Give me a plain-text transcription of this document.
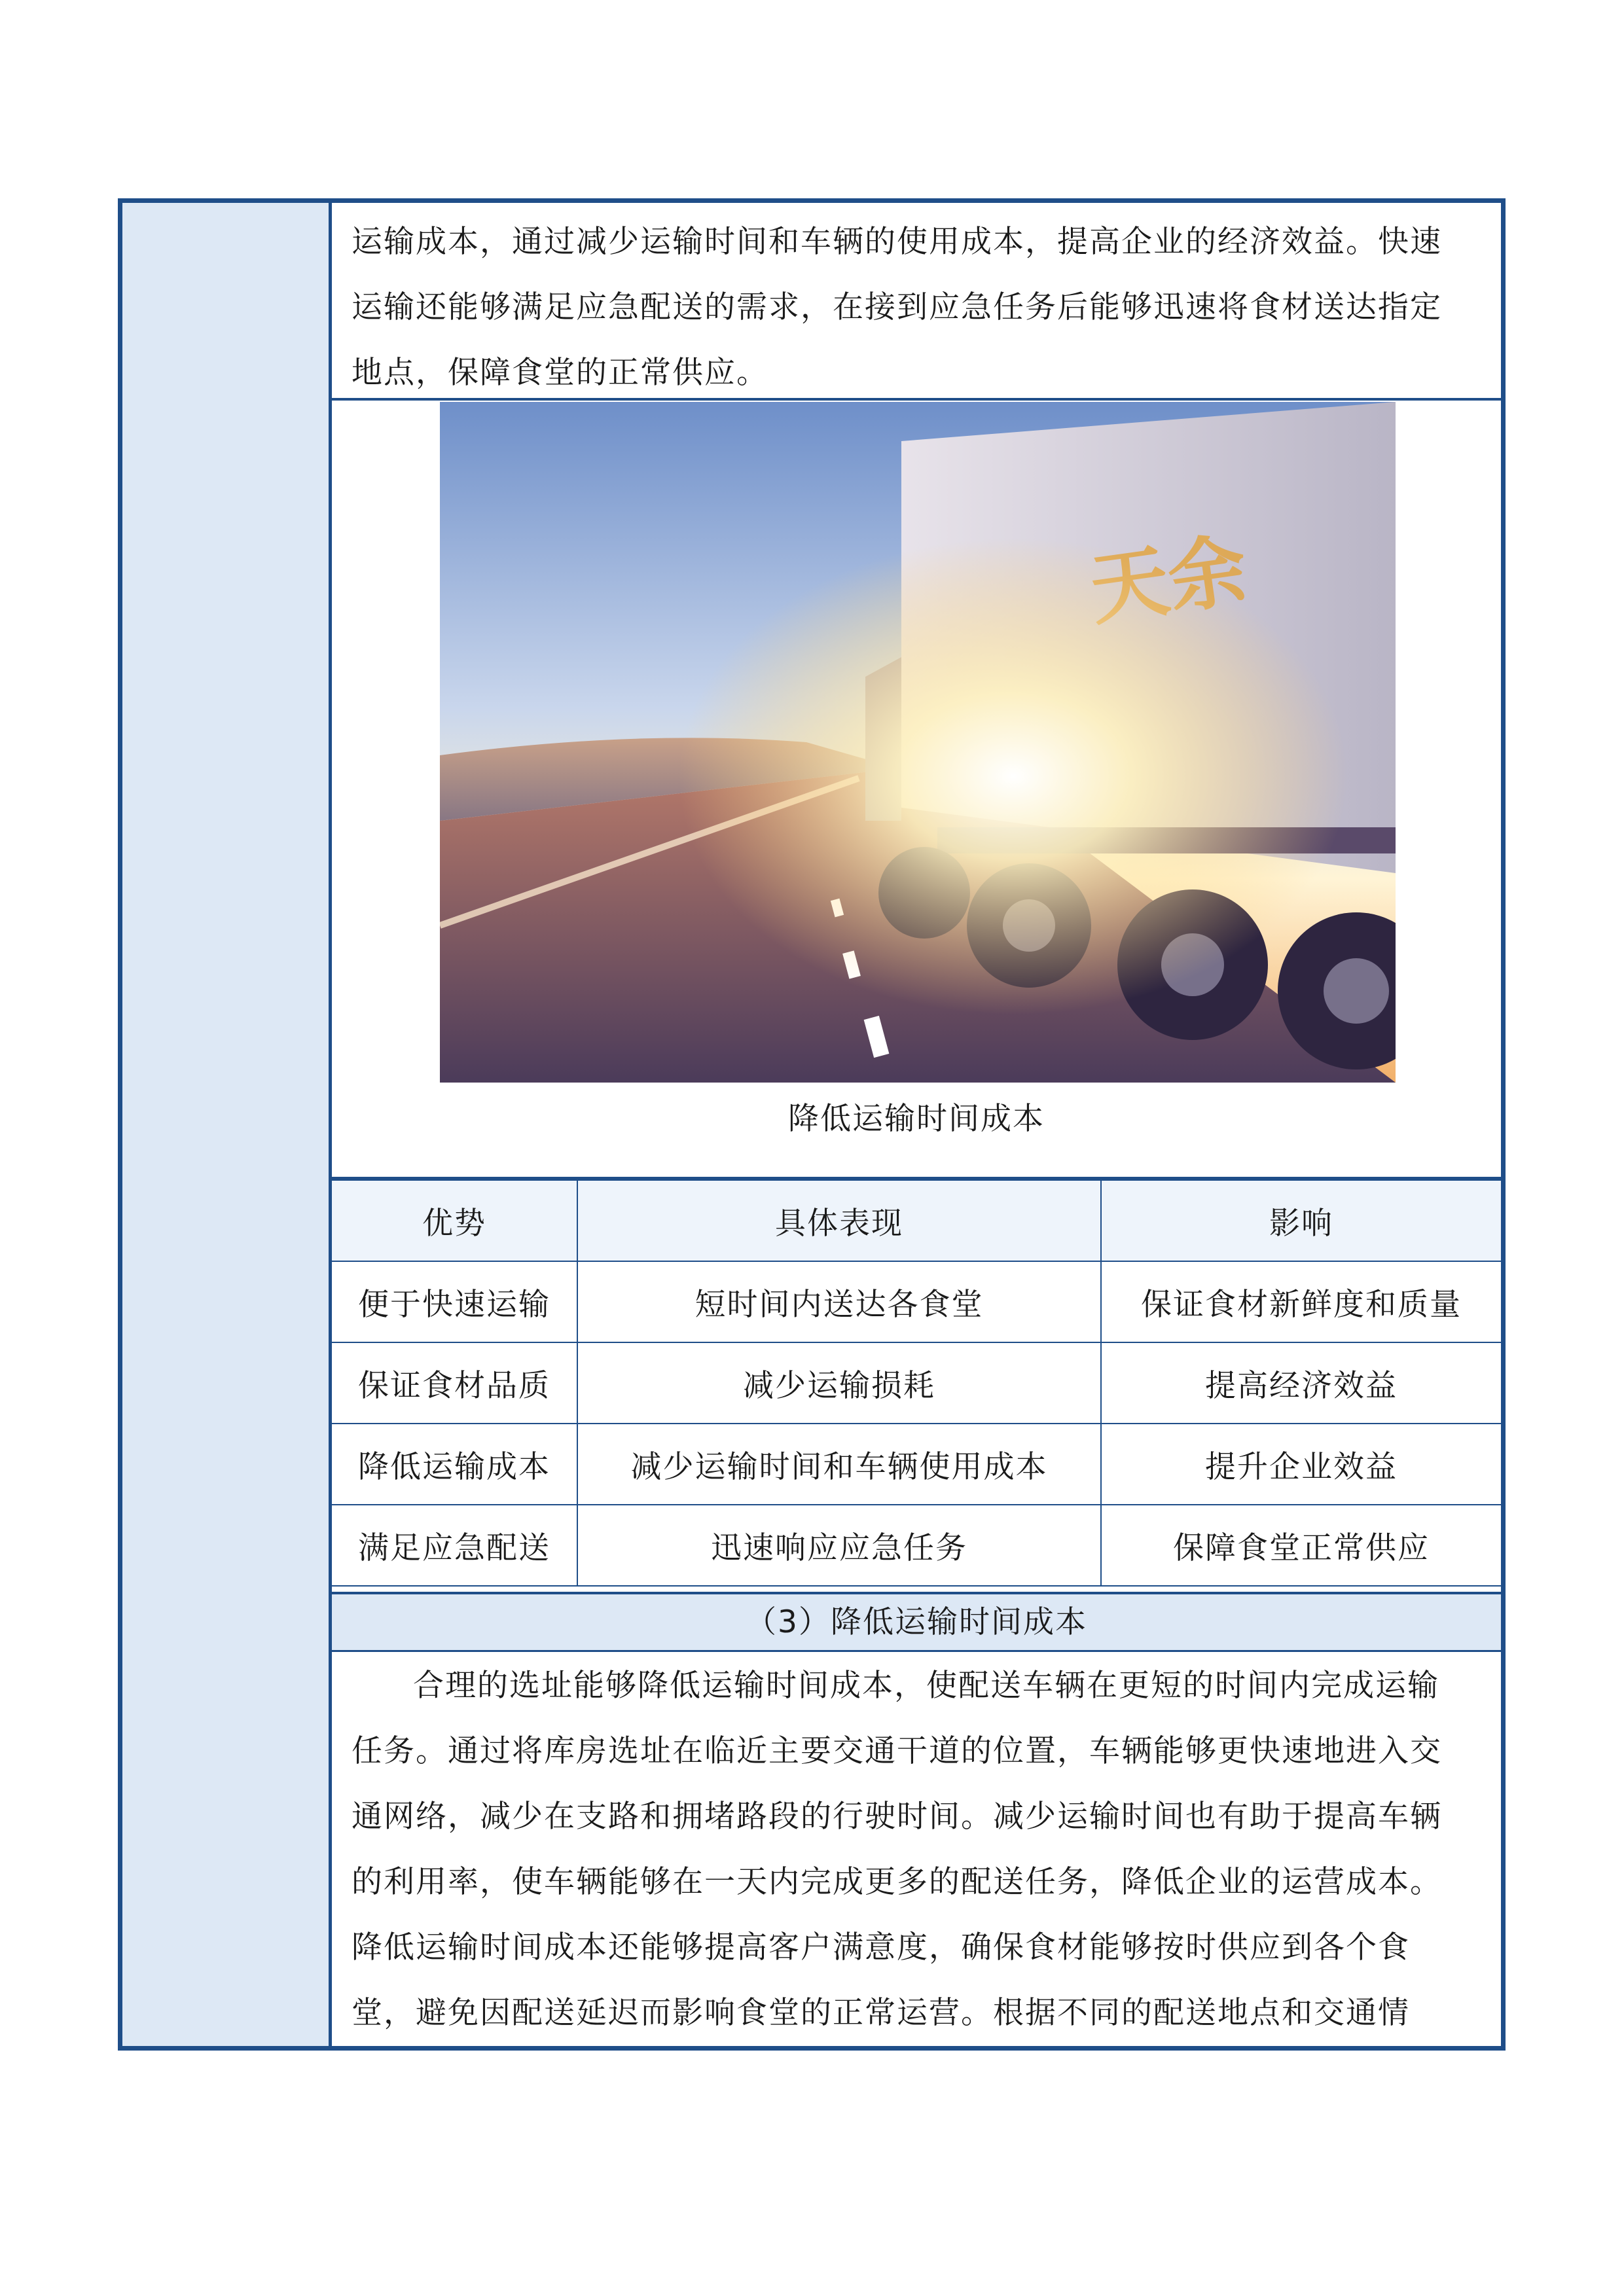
运输成本，通过减少运输时间和车辆的使用成本，提高企业的经济效益。快速
运输还能够满足应急配送的需求，在接到应急任务后能够迅速将食材送达指定
地点，保障食堂的正常供应。

降低运输时间成本
优势	具体表现	影响
便于快速运输	短时间内送达各食堂	保证食材新鲜度和质量
保证食材品质	减少运输损耗	提高经济效益
降低运输成本	减少运输时间和车辆使用成本	提升企业效益
满足应急配送	迅速响应应急任务	保障食堂正常供应
（3）降低运输时间成本

合理的选址能够降低运输时间成本，使配送车辆在更短的时间内完成运输
任务。通过将库房选址在临近主要交通干道的位置，车辆能够更快速地进入交
通网络，减少在支路和拥堵路段的行驶时间。减少运输时间也有助于提高车辆
的利用率，使车辆能够在一天内完成更多的配送任务，降低企业的运营成本。
降低运输时间成本还能够提高客户满意度，确保食材能够按时供应到各个食
堂，避免因配送延迟而影响食堂的正常运营。根据不同的配送地点和交通情
